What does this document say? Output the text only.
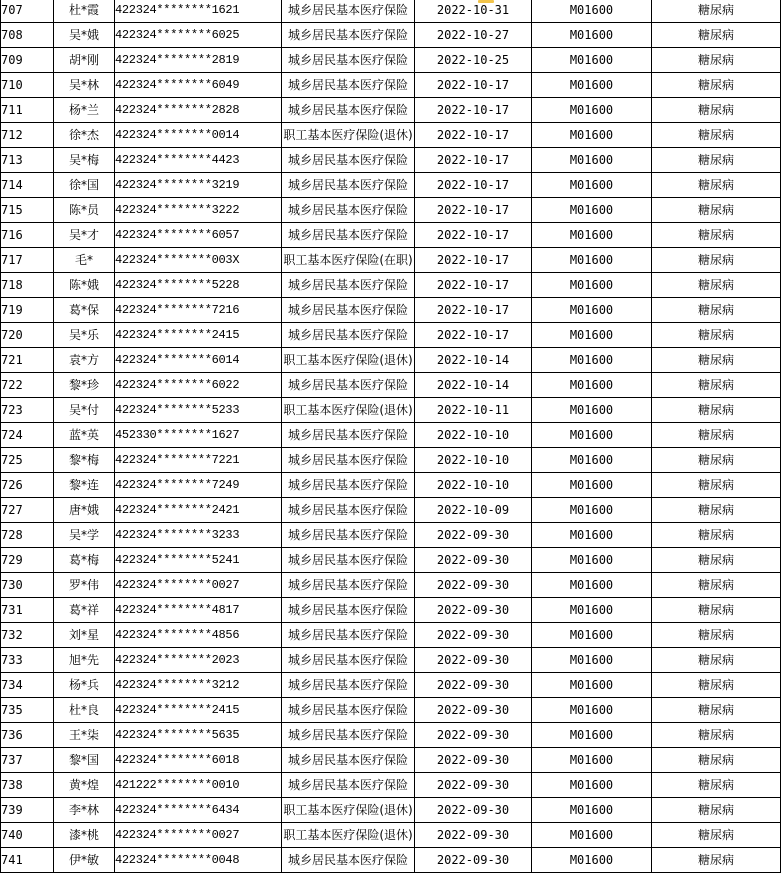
707	杜*霞	422324********1621	城乡居民基本医疗保险	2022-10-31	M01600	糖尿病
708	吴*娥	422324********6025	城乡居民基本医疗保险	2022-10-27	M01600	糖尿病
709	胡*刚	422324********2819	城乡居民基本医疗保险	2022-10-25	M01600	糖尿病
710	吴*林	422324********6049	城乡居民基本医疗保险	2022-10-17	M01600	糖尿病
711	杨*兰	422324********2828	城乡居民基本医疗保险	2022-10-17	M01600	糖尿病
712	徐*杰	422324********0014	职工基本医疗保险(退休)	2022-10-17	M01600	糖尿病
713	吴*梅	422324********4423	城乡居民基本医疗保险	2022-10-17	M01600	糖尿病
714	徐*国	422324********3219	城乡居民基本医疗保险	2022-10-17	M01600	糖尿病
715	陈*员	422324********3222	城乡居民基本医疗保险	2022-10-17	M01600	糖尿病
716	吴*才	422324********6057	城乡居民基本医疗保险	2022-10-17	M01600	糖尿病
717	毛*	422324********003X	职工基本医疗保险(在职)	2022-10-17	M01600	糖尿病
718	陈*娥	422324********5228	城乡居民基本医疗保险	2022-10-17	M01600	糖尿病
719	葛*保	422324********7216	城乡居民基本医疗保险	2022-10-17	M01600	糖尿病
720	吴*乐	422324********2415	城乡居民基本医疗保险	2022-10-17	M01600	糖尿病
721	袁*方	422324********6014	职工基本医疗保险(退休)	2022-10-14	M01600	糖尿病
722	黎*珍	422324********6022	城乡居民基本医疗保险	2022-10-14	M01600	糖尿病
723	吴*付	422324********5233	职工基本医疗保险(退休)	2022-10-11	M01600	糖尿病
724	蓝*英	452330********1627	城乡居民基本医疗保险	2022-10-10	M01600	糖尿病
725	黎*梅	422324********7221	城乡居民基本医疗保险	2022-10-10	M01600	糖尿病
726	黎*连	422324********7249	城乡居民基本医疗保险	2022-10-10	M01600	糖尿病
727	唐*娥	422324********2421	城乡居民基本医疗保险	2022-10-09	M01600	糖尿病
728	吴*学	422324********3233	城乡居民基本医疗保险	2022-09-30	M01600	糖尿病
729	葛*梅	422324********5241	城乡居民基本医疗保险	2022-09-30	M01600	糖尿病
730	罗*伟	422324********0027	城乡居民基本医疗保险	2022-09-30	M01600	糖尿病
731	葛*祥	422324********4817	城乡居民基本医疗保险	2022-09-30	M01600	糖尿病
732	刘*星	422324********4856	城乡居民基本医疗保险	2022-09-30	M01600	糖尿病
733	旭*先	422324********2023	城乡居民基本医疗保险	2022-09-30	M01600	糖尿病
734	杨*兵	422324********3212	城乡居民基本医疗保险	2022-09-30	M01600	糖尿病
735	杜*良	422324********2415	城乡居民基本医疗保险	2022-09-30	M01600	糖尿病
736	王*柒	422324********5635	城乡居民基本医疗保险	2022-09-30	M01600	糖尿病
737	黎*国	422324********6018	城乡居民基本医疗保险	2022-09-30	M01600	糖尿病
738	黄*煌	421222********0010	城乡居民基本医疗保险	2022-09-30	M01600	糖尿病
739	李*林	422324********6434	职工基本医疗保险(退休)	2022-09-30	M01600	糖尿病
740	漆*桃	422324********0027	职工基本医疗保险(退休)	2022-09-30	M01600	糖尿病
741	伊*敏	422324********0048	城乡居民基本医疗保险	2022-09-30	M01600	糖尿病
